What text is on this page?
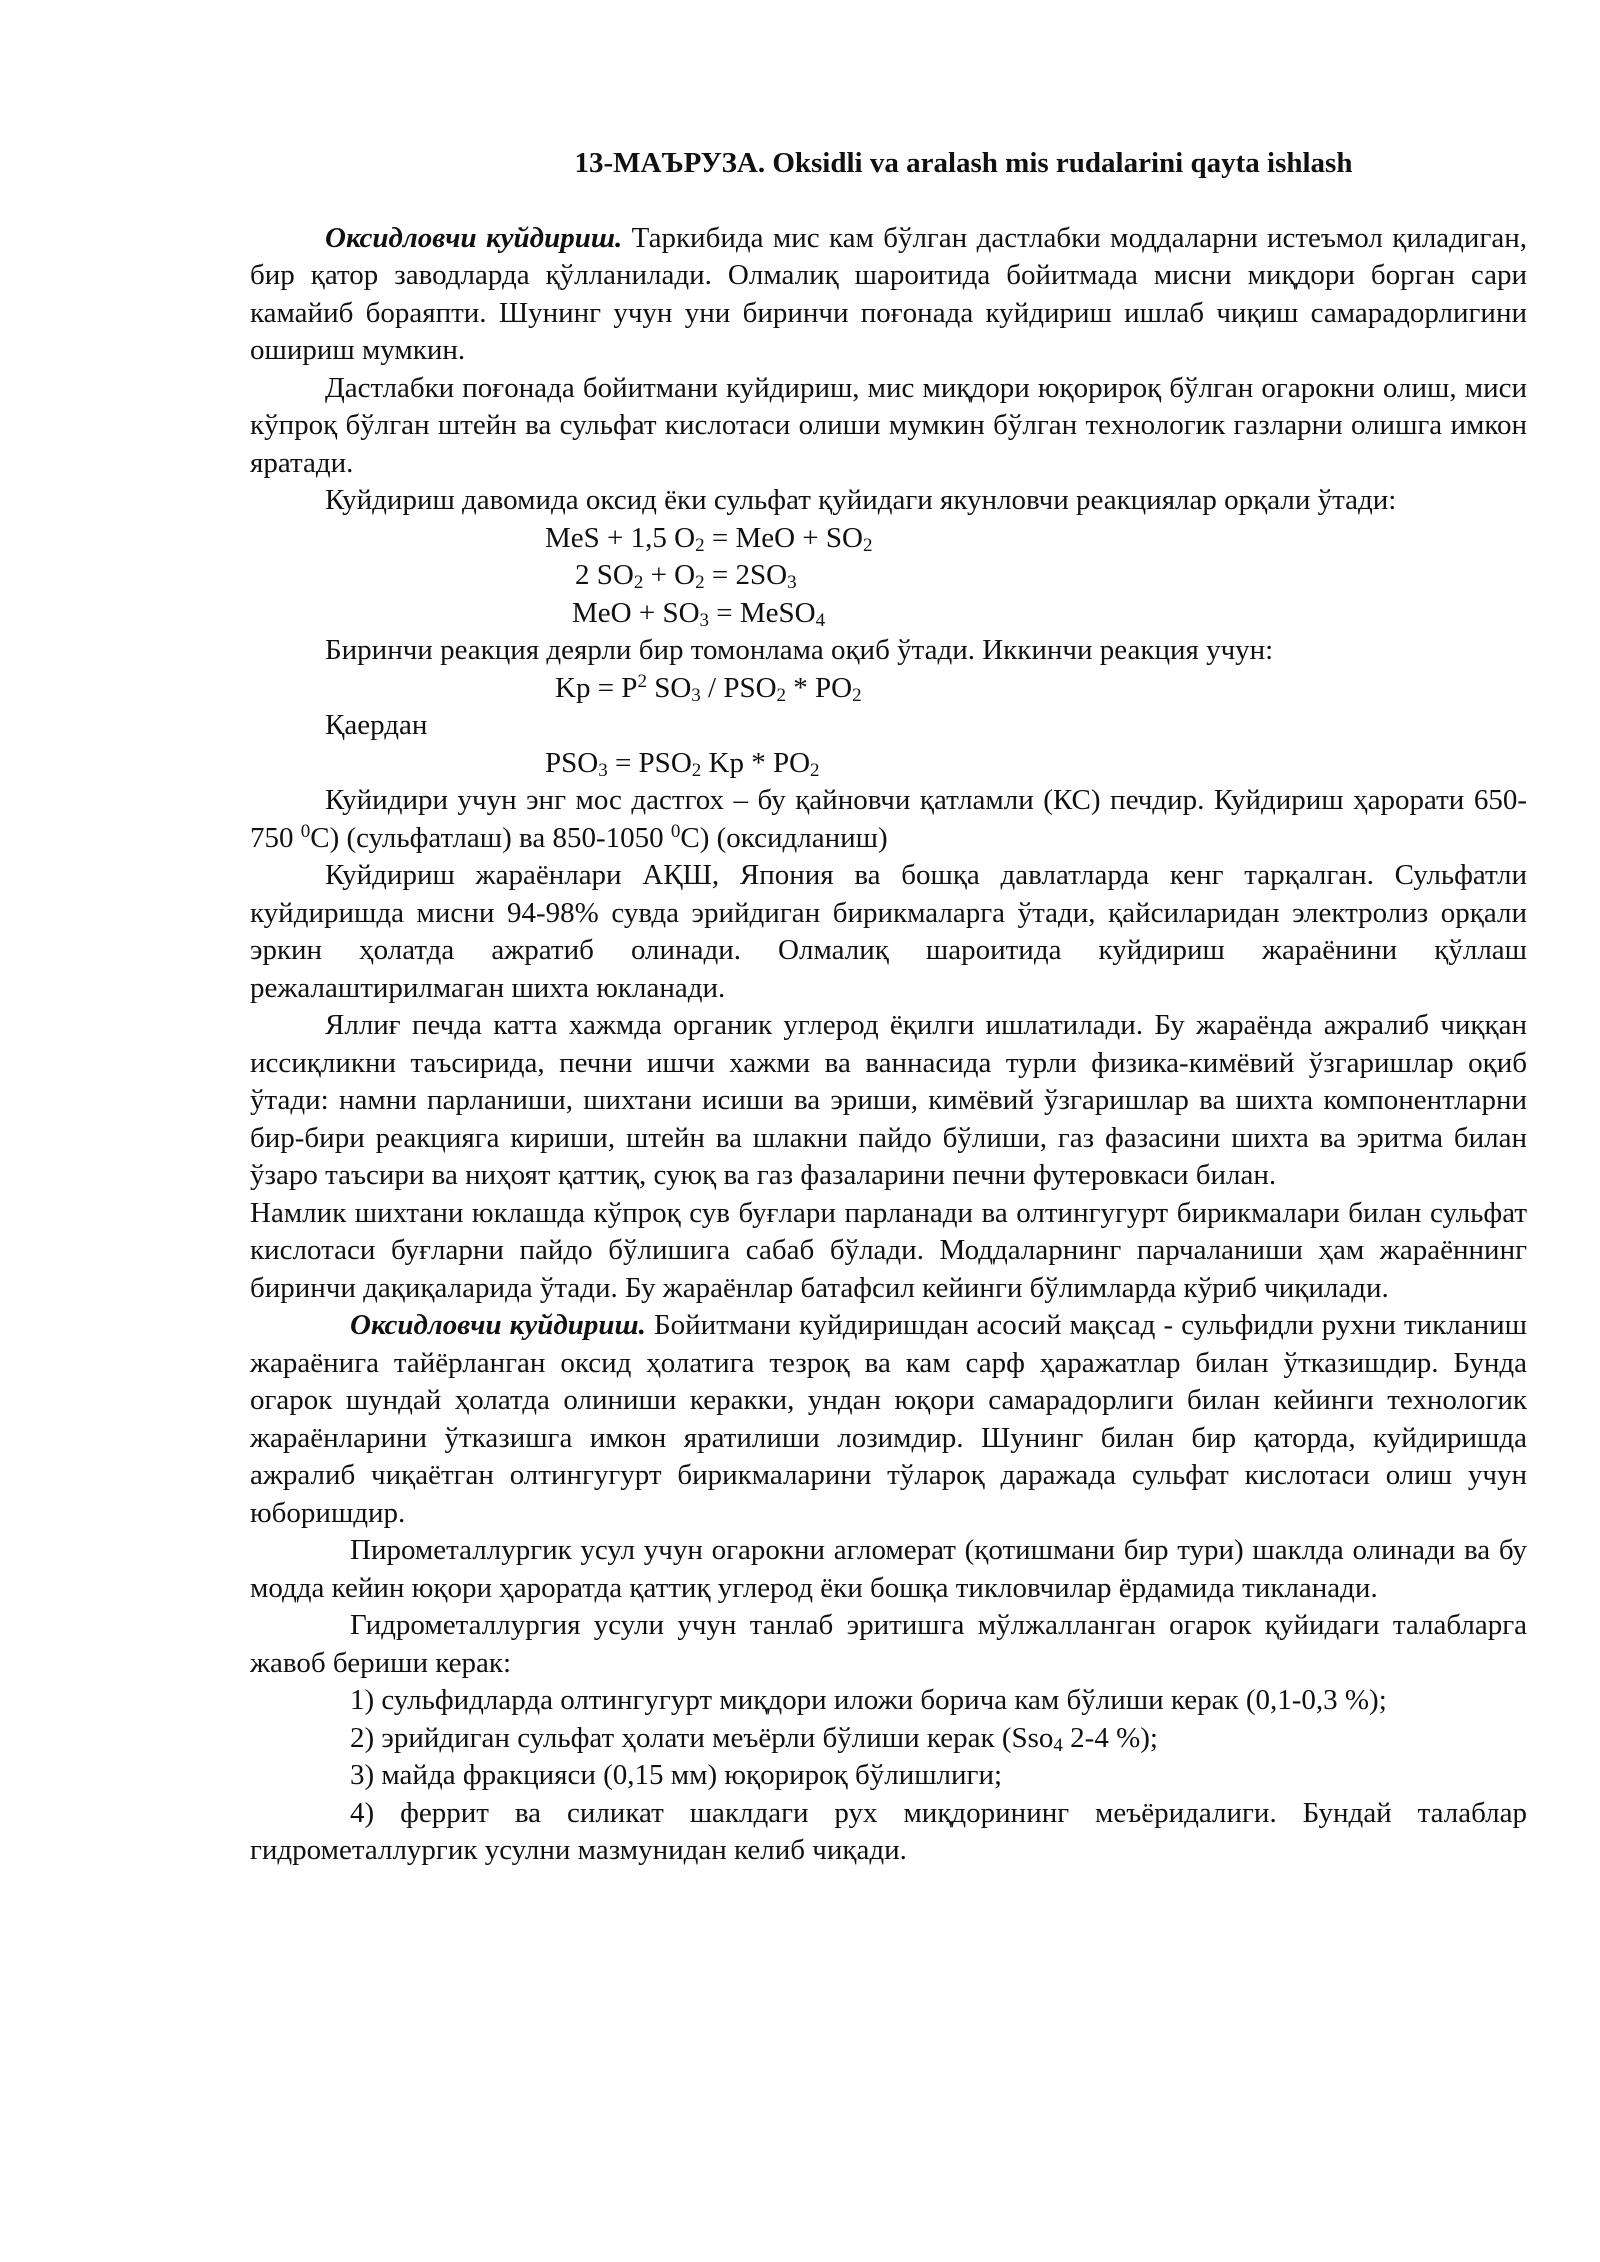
13-МАЪРУЗА. Oksidli va aralash mis rudalarini qayta ishlash

Оксидловчи куйдириш. Таркибида мис кам бўлган дастлабки моддаларни истеъмол қиладиган, бир қатор заводларда қўлланилади. Олмалиқ шароитида бойитмада мисни миқдори борган сари камайиб бораяпти. Шунинг учун уни биринчи поғонада куйдириш ишлаб чиқиш самарадорлигини ошириш мумкин.

Дастлабки поғонада бойитмани куйдириш, мис миқдори юқорироқ бўлган огарокни олиш, миси кўпроқ бўлган штейн ва сульфат кислотаси олиши мумкин бўлган технологик газларни олишга имкон яратади.

Куйдириш давомида оксид ёки сульфат қуйидаги якунловчи реакциялар орқали ўтади:

MeS + 1,5 $O_2$ = MeO + $SO_2$
2 $SO_2 + O_2 = 2SO_3$
MeO + $SO_3$ = MeSO$_4$

Биринчи реакция деярли бир томонлама оқиб ўтади. Иккинчи реакция учун:

$Kp = P^2$ $SO_3 / PSO_2 * PO_2$
Қаердан
$PSO_3 = PSO_2$ Kp * $PO_2$

Куйидири учун энг мос дастгох – бу қайновчи қатламли (КС) печдир. Куйдириш ҳарорати 650-750 $^0$С) (сульфатлаш) ва 850-1050 $^0$С) (оксидланиш)

Куйдириш жараёнлари АҚШ, Япония ва бошқа давлатларда кенг тарқалган. Сульфатли куйдиришда мисни 94-98% сувда эрийдиган бирикмаларга ўтади, қайсиларидан электролиз орқали эркин ҳолатда ажратиб олинади. Олмалиқ шароитида куйдириш жараёнини қўллаш режалаштирилмаган шихта юкланади.

Яллиғ печда катта хажмда органик углерод ёқилги ишлатилади. Бу жараёнда ажралиб чиққан иссиқликни таъсирида, печни ишчи хажми ва ваннасида турли физика-кимёвий ўзгаришлар оқиб ўтади: намни парланиши, шихтани исиши ва эриши, кимёвий ўзгаришлар ва шихта компонентларни бир-бири реакцияга кириши, штейн ва шлакни пайдо бўлиши, газ фазасини шихта ва эритма билан ўзаро таъсири ва ниҳоят қаттиқ, суюқ ва газ фазаларини печни футеровкаси билан.

Намлик шихтани юклашда кўпроқ сув буғлари парланади ва олтингугурт бирикмалари билан сульфат кислотаси буғларни пайдо бўлишига сабаб бўлади. Моддаларнинг парчаланиши ҳам жараённинг биринчи дақиқаларида ўтади. Бу жараёнлар батафсил кейинги бўлимларда кўриб чиқилади.

Оксидловчи куйдириш. Бойитмани куйдиришдан асосий мақсад - сульфидли рухни тикланиш жараёнига тайёрланган оксид ҳолатига тезроқ ва кам сарф ҳаражатлар билан ўтказишдир. Бунда огарок шундай ҳолатда олиниши керакки, ундан юқори самарадорлиги билан кейинги технологик жараёнларини ўтказишга имкон яратилиши лозимдир. Шунинг билан бир қаторда, куйдиришда ажралиб чиқаётган олтингугурт бирикмаларини тўлароқ даражада сульфат кислотаси олиш учун юборишдир.

Пирометаллургик усул учун огарокни агломерат (қотишмани бир тури) шаклда олинади ва бу модда кейин юқори ҳароратда қаттиқ углерод ёки бошқа тикловчилар ёрдамида тикланади.

Гидрометаллургия усули учун танлаб эритишга мўлжалланган огарок қуйидаги талабларга жавоб бериши керак:

1) сульфидларда олтингугурт миқдори иложи борича кам бўлиши керак (0,1-0,3 %);

2) эрийдиган сульфат ҳолати меъёрли бўлиши керак (Sso$_4$ 2-4 %);

3) майда фракцияси (0,15 мм) юқорироқ бўлишлиги;

4) феррит ва силикат шаклдаги рух миқдорининг меъёридалиги. Бундай талаблар гидрометаллургик усулни мазмунидан келиб чиқади.
